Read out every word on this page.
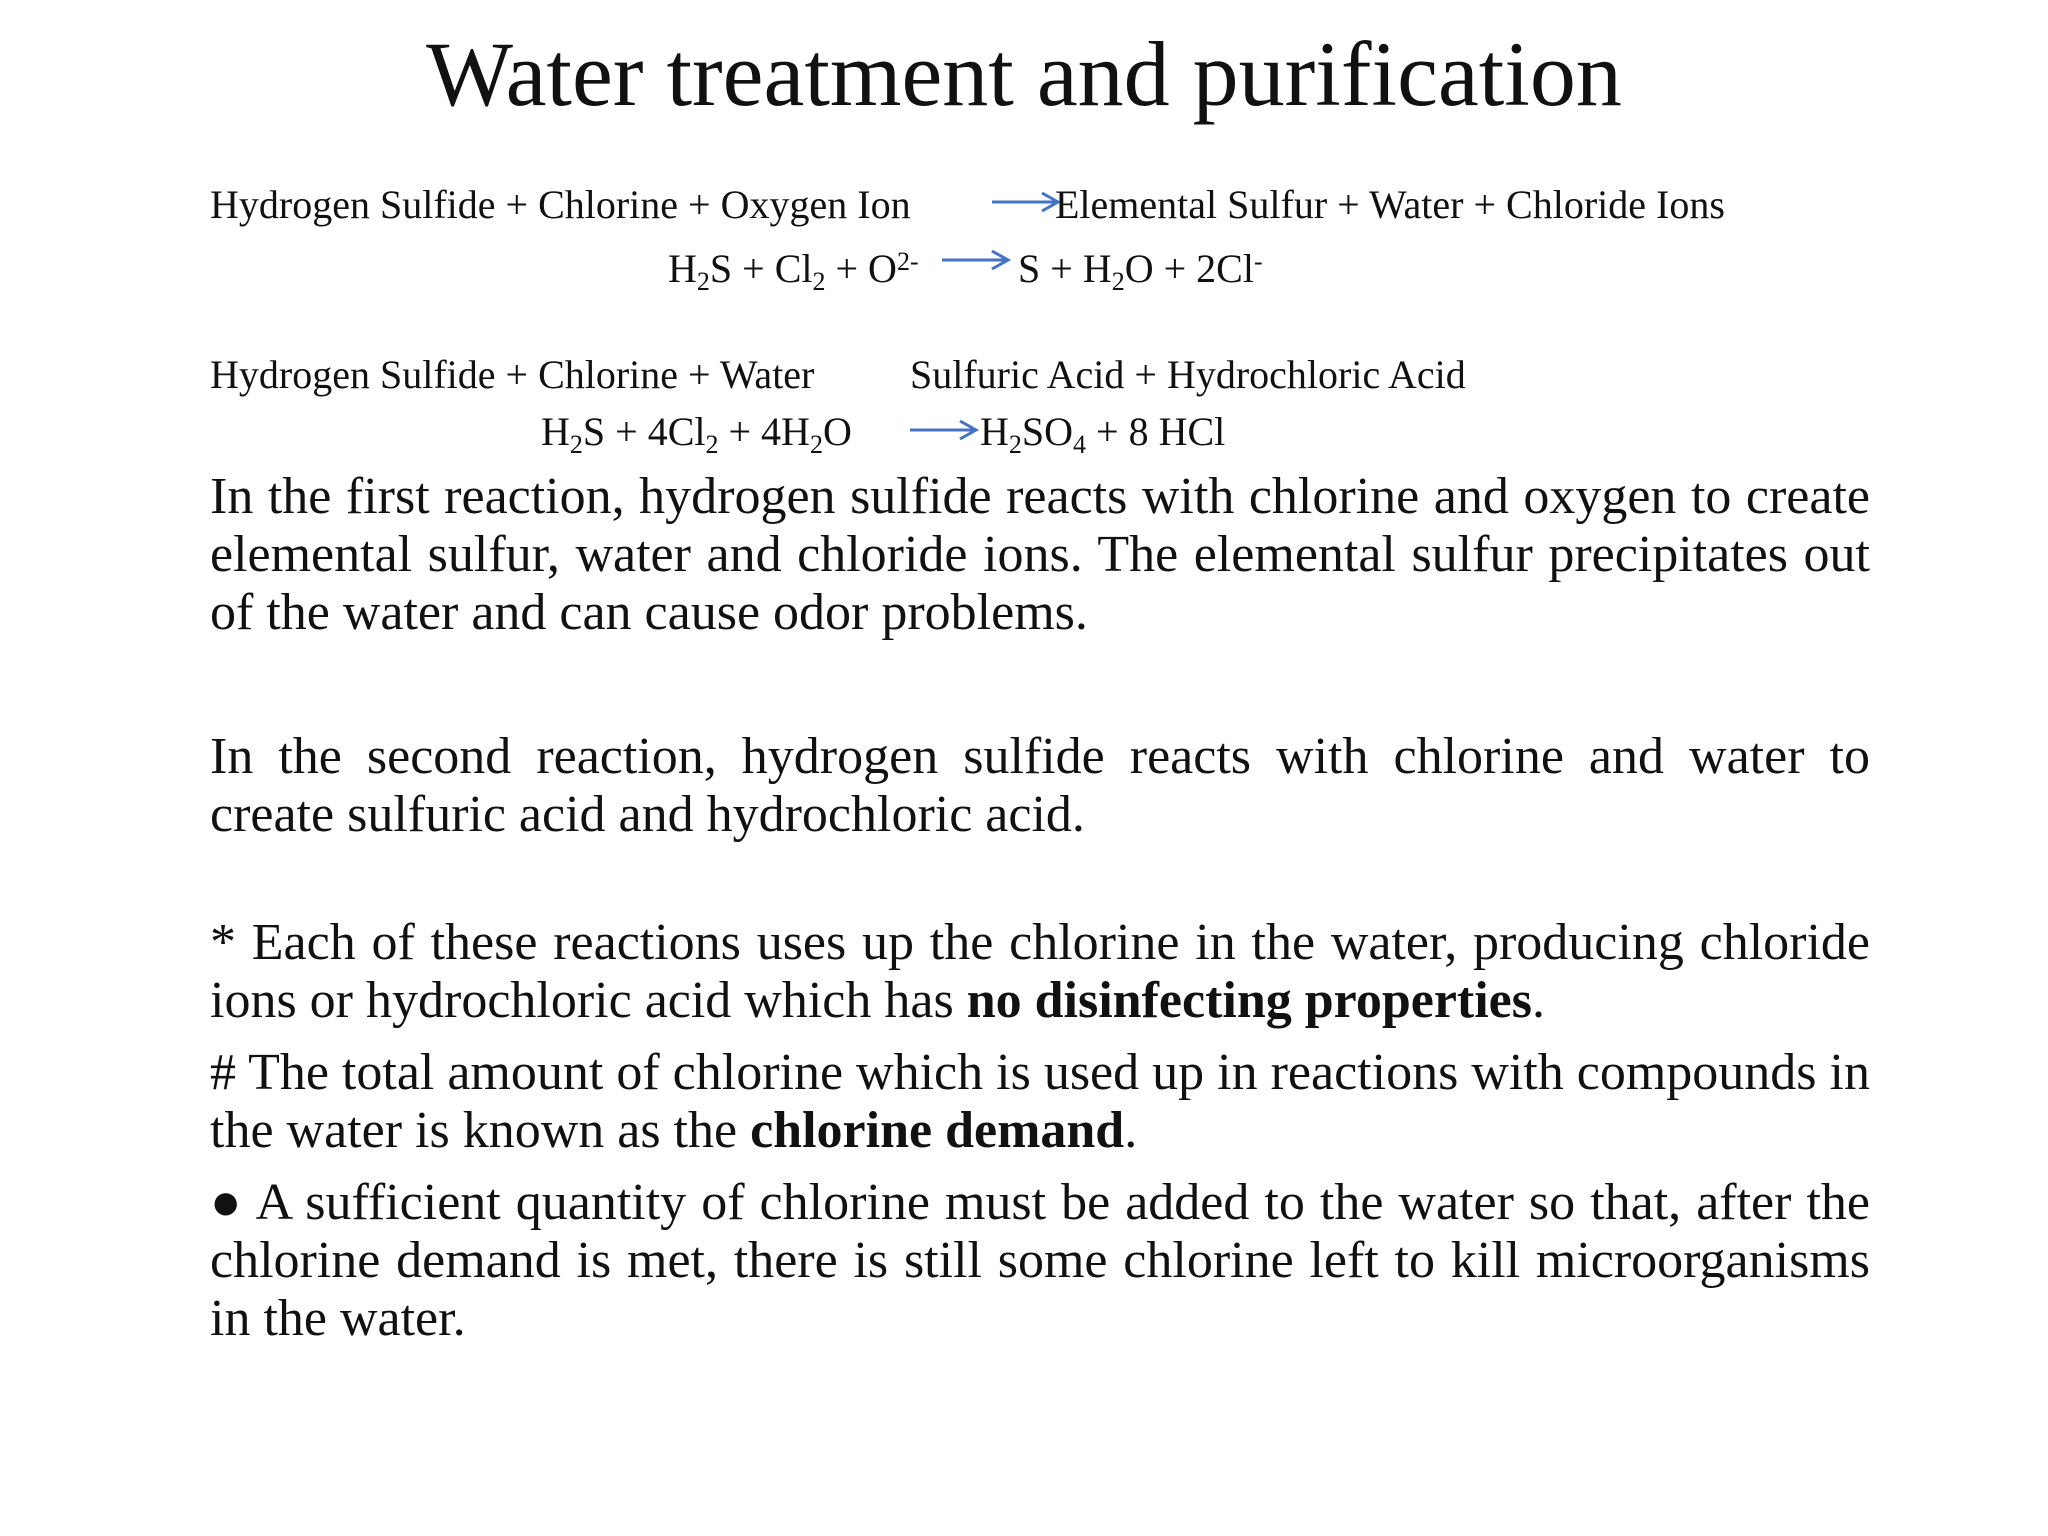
Water treatment and purification
Hydrogen Sulfide + Chlorine + Oxygen Ion	Elemental Sulfur + Water + Chloride Ions
$H_2S + Cl_2 + O^{2-}$ $S + H_2O + 2Cl^-$
Hydrogen Sulfide + Chlorine + Water Sulfuric Acid + Hydrochloric Acid
$H_2S + 4Cl_2 + 4H_2O$	$H_2SO_4 + 8$ HCl

In the first reaction, hydrogen sulfide reacts with chlorine and oxygen to create elemental sulfur, water and chloride ions. The elemental sulfur precipitates out of the water and can cause odor problems.

In the second reaction, hydrogen sulfide reacts with chlorine and water to create sulfuric acid and hydrochloric acid.

* Each of these reactions uses up the chlorine in the water, producing chloride ions or hydrochloric acid which has no disinfecting properties.

# The total amount of chlorine which is used up in reactions with compounds in the water is known as the chlorine demand.

● A sufficient quantity of chlorine must be added to the water so that, after the chlorine demand is met, there is still some chlorine left to kill microorganisms in the water.
